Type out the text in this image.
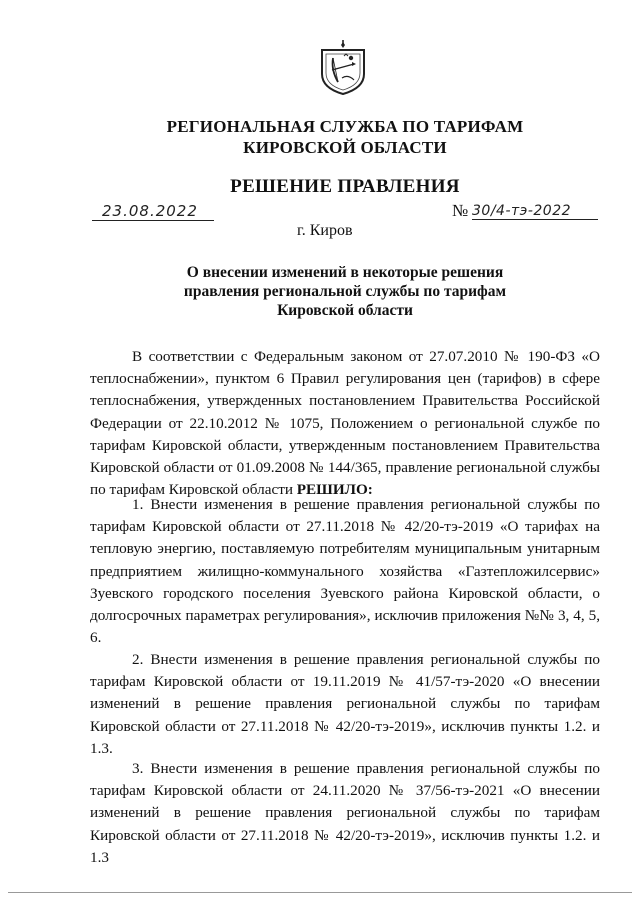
РЕГИОНАЛЬНАЯ СЛУЖБА ПО ТАРИФАМ
КИРОВСКОЙ ОБЛАСТИ
РЕШЕНИЕ ПРАВЛЕНИЯ
23.08.2022	№ 30/4-тэ-2022
г. Киров
О внесении изменений в некоторые решения
правления региональной службы по тарифам
Кировской области

В соответствии с Федеральным законом от 27.07.2010 № 190-ФЗ «О теплоснабжении», пунктом 6 Правил регулирования цен (тарифов) в сфере теплоснабжения, утвержденных постановлением Правительства Российской Федерации от 22.10.2012 № 1075, Положением о региональной службе по тарифам Кировской области, утвержденным постановлением Правительства Кировской области от 01.09.2008 № 144/365, правление региональной службы по тарифам Кировской области РЕШИЛО:

1. Внести изменения в решение правления региональной службы по тарифам Кировской области от 27.11.2018 № 42/20-тэ-2019 «О тарифах на тепловую энергию, поставляемую потребителям муниципальным унитарным предприятием жилищно-коммунального хозяйства «Газтепложилсервис» Зуевского городского поселения Зуевского района Кировской области, о долгосрочных параметрах регулирования», исключив приложения №№ 3, 4, 5, 6.

2. Внести изменения в решение правления региональной службы по тарифам Кировской области от 19.11.2019 № 41/57-тэ-2020 «О внесении изменений в решение правления региональной службы по тарифам Кировской области от 27.11.2018 № 42/20-тэ-2019», исключив пункты 1.2. и 1.3.

3. Внести изменения в решение правления региональной службы по тарифам Кировской области от 24.11.2020 № 37/56-тэ-2021 «О внесении изменений в решение правления региональной службы по тарифам Кировской области от 27.11.2018 № 42/20-тэ-2019», исключив пункты 1.2. и 1.3
